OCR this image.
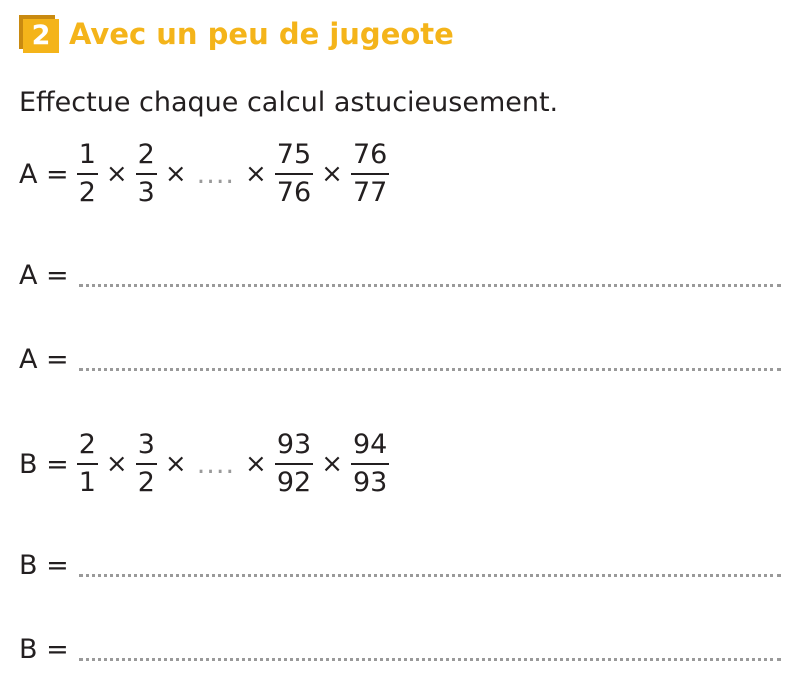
2 Avec un peu de jugeote
Effectue chaque calcul astucieusement.
$A = \frac{1}{2} \times \frac{2}{3}$ × .... × $\frac{75}{76} \times \frac{76}{77}$
A =
A =
$B = \frac{2}{1} \times \frac{3}{2}$ × .... × $\frac{93}{92} \times \frac{94}{93}$
B =
B =
